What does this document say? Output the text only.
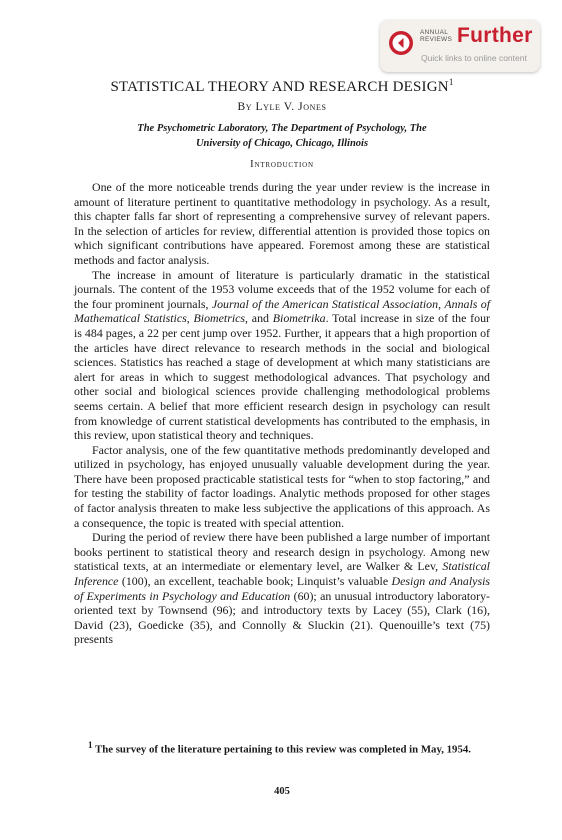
ANNUAL
REVIEWS Further
Quick links to online content
STATISTICAL THEORY AND RESEARCH DESIGN$^1$
By Lyle V. Jones
The Psychometric Laboratory, The Department of Psychology, The
University of Chicago, Chicago, Illinois
Introduction

One of the more noticeable trends during the year under review is the increase in amount of literature pertinent to quantitative methodology in psychology. As a result, this chapter falls far short of representing a comprehensive survey of relevant papers. In the selection of articles for review, differential attention is provided those topics on which significant contributions have appeared. Foremost among these are statistical methods and factor analysis.

The increase in amount of literature is particularly dramatic in the statistical journals. The content of the 1953 volume exceeds that of the 1952 volume for each of the four prominent journals, Journal of the American Statistical Association, Annals of Mathematical Statistics, Biometrics, and Biometrika. Total increase in size of the four is 484 pages, a 22 per cent jump over 1952. Further, it appears that a high proportion of the articles have direct relevance to research methods in the social and biological sciences. Statistics has reached a stage of development at which many statisticians are alert for areas in which to suggest methodological advances. That psychology and other social and biological sciences provide challenging methodological problems seems certain. A belief that more efficient research design in psychology can result from knowledge of current statistical developments has contributed to the emphasis, in this review, upon statistical theory and techniques.

Factor analysis, one of the few quantitative methods predominantly developed and utilized in psychology, has enjoyed unusually valuable development during the year. There have been proposed practicable statistical tests for “when to stop factoring,” and for testing the stability of factor loadings. Analytic methods proposed for other stages of factor analysis threaten to make less subjective the applications of this approach. As a consequence, the topic is treated with special attention.

During the period of review there have been published a large number of important books pertinent to statistical theory and research design in psychology. Among new statistical texts, at an intermediate or elementary level, are Walker & Lev, Statistical Inference (100), an excellent, teachable book; Linquist’s valuable Design and Analysis of Experiments in Psychology and Education (60); an unusual introductory laboratory-oriented text by Townsend (96); and introductory texts by Lacey (55), Clark (16), David (23), Goedicke (35), and Connolly & Sluckin (21). Quenouille’s text (75) presents

$^1$ The survey of the literature pertaining to this review was completed in May, 1954.

405
